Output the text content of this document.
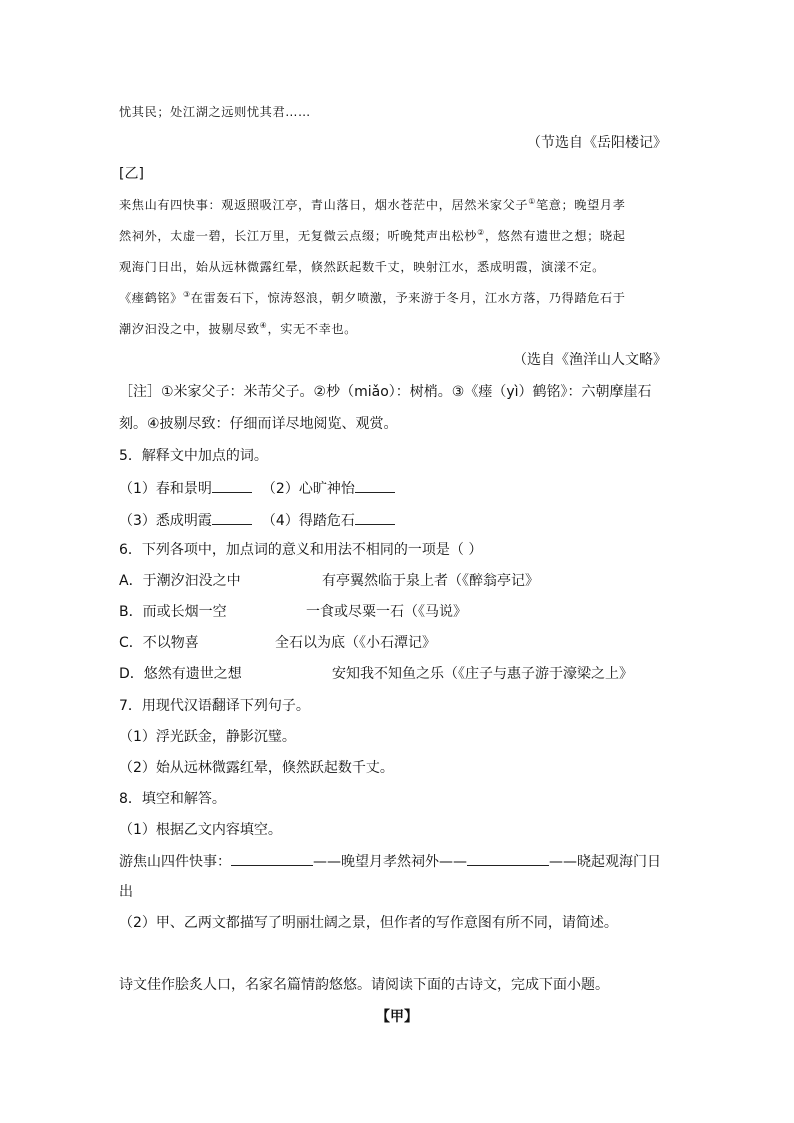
忧其民；处江湖之远则忧其君……
（节选自《岳阳楼记》
[乙]
来焦山有四快事：观返照吸江亭，青山落日，烟水苍茫中，居然米家父子①笔意；晚望月孝
然祠外，太虚一碧，长江万里，无复微云点缀；听晚梵声出松杪②，悠然有遗世之想；晓起
观海门日出，始从远林微露红晕，倏然跃起数千丈，映射江水，悉成明霞，演漾不定。
《瘗鹤铭》③在雷轰石下，惊涛怒浪，朝夕喷激，予来游于冬月，江水方落，乃得踏危石于
潮汐汩没之中，披剔尽致④，实无不幸也。
（选自《渔洋山人文略》
［注］①米家父子：米芾父子。②杪（miǎo）：树梢。③《瘗（yì）鹤铭》：六朝摩崖石
刻。④披剔尽致：仔细而详尽地阅览、观赏。
5．解释文中加点的词。
（1）春和景明	（2）心旷神怡
（3）悉成明霞	（4）得踏危石
6．下列各项中，加点词的意义和用法不相同的一项是（ ）
A．于潮汐汩没之中	有亭翼然临于泉上者（《醉翁亭记》
B．而或长烟一空	一食或尽粟一石（《马说》
C．不以物喜	全石以为底（《小石潭记》
D．悠然有遗世之想	安知我不知鱼之乐（《庄子与惠子游于濠梁之上》
7．用现代汉语翻译下列句子。
（1）浮光跃金，静影沉璧。
（2）始从远林微露红晕，倏然跃起数千丈。
8．填空和解答。
（1）根据乙文内容填空。
游焦山四件快事：	——晚望月孝然祠外——	——晓起观海门日
出
（2）甲、乙两文都描写了明丽壮阔之景，但作者的写作意图有所不同，请简述。
诗文佳作脍炙人口，名家名篇情韵悠悠。请阅读下面的古诗文，完成下面小题。
【甲】
